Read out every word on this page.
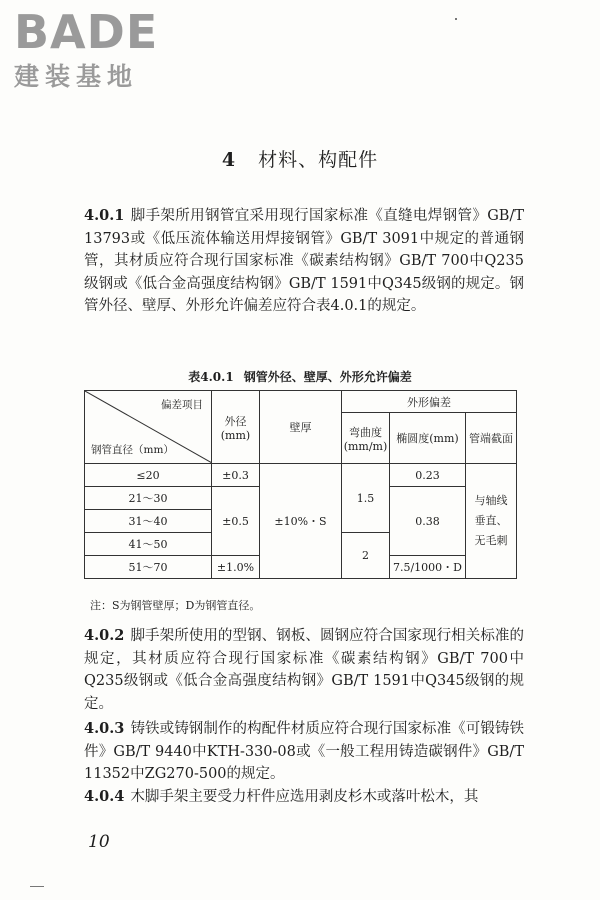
BADE
建装基地
4 材料、构配件
4.0.1 脚手架所用钢管宜采用现行国家标准《直缝电焊钢管》GB/T 13793或《低压流体输送用焊接钢管》GB/T 3091中规定的普通钢管，其材质应符合现行国家标准《碳素结构钢》GB/T 700中Q235级钢或《低合金高强度结构钢》GB/T 1591中Q345级钢的规定。钢管外径、壁厚、外形允许偏差应符合表4.0.1的规定。
表4.0.1 钢管外径、壁厚、外形允许偏差
偏差项目
钢管直径（mm）	外径(mm)	壁厚	外形偏差		
			弯曲度(mm/m)	椭圆度(mm)	管端截面
≤20	±0.3	±10%・S	1.5	0.23	与轴线垂直、无毛刺
21～30	±0.5			0.38	
31～40					
41～50			2		
51～70	±1.0%			7.5/1000・D	
注：S为钢管壁厚；D为钢管直径。
4.0.2 脚手架所使用的型钢、钢板、圆钢应符合国家现行相关标准的规定，其材质应符合现行国家标准《碳素结构钢》GB/T 700中Q235级钢或《低合金高强度结构钢》GB/T 1591中Q345级钢的规定。
4.0.3 铸铁或铸钢制作的构配件材质应符合现行国家标准《可锻铸铁件》GB/T 9440中KTH-330-08或《一般工程用铸造碳钢件》GB/T 11352中ZG270-500的规定。
4.0.4 木脚手架主要受力杆件应选用剥皮杉木或落叶松木，其
10
